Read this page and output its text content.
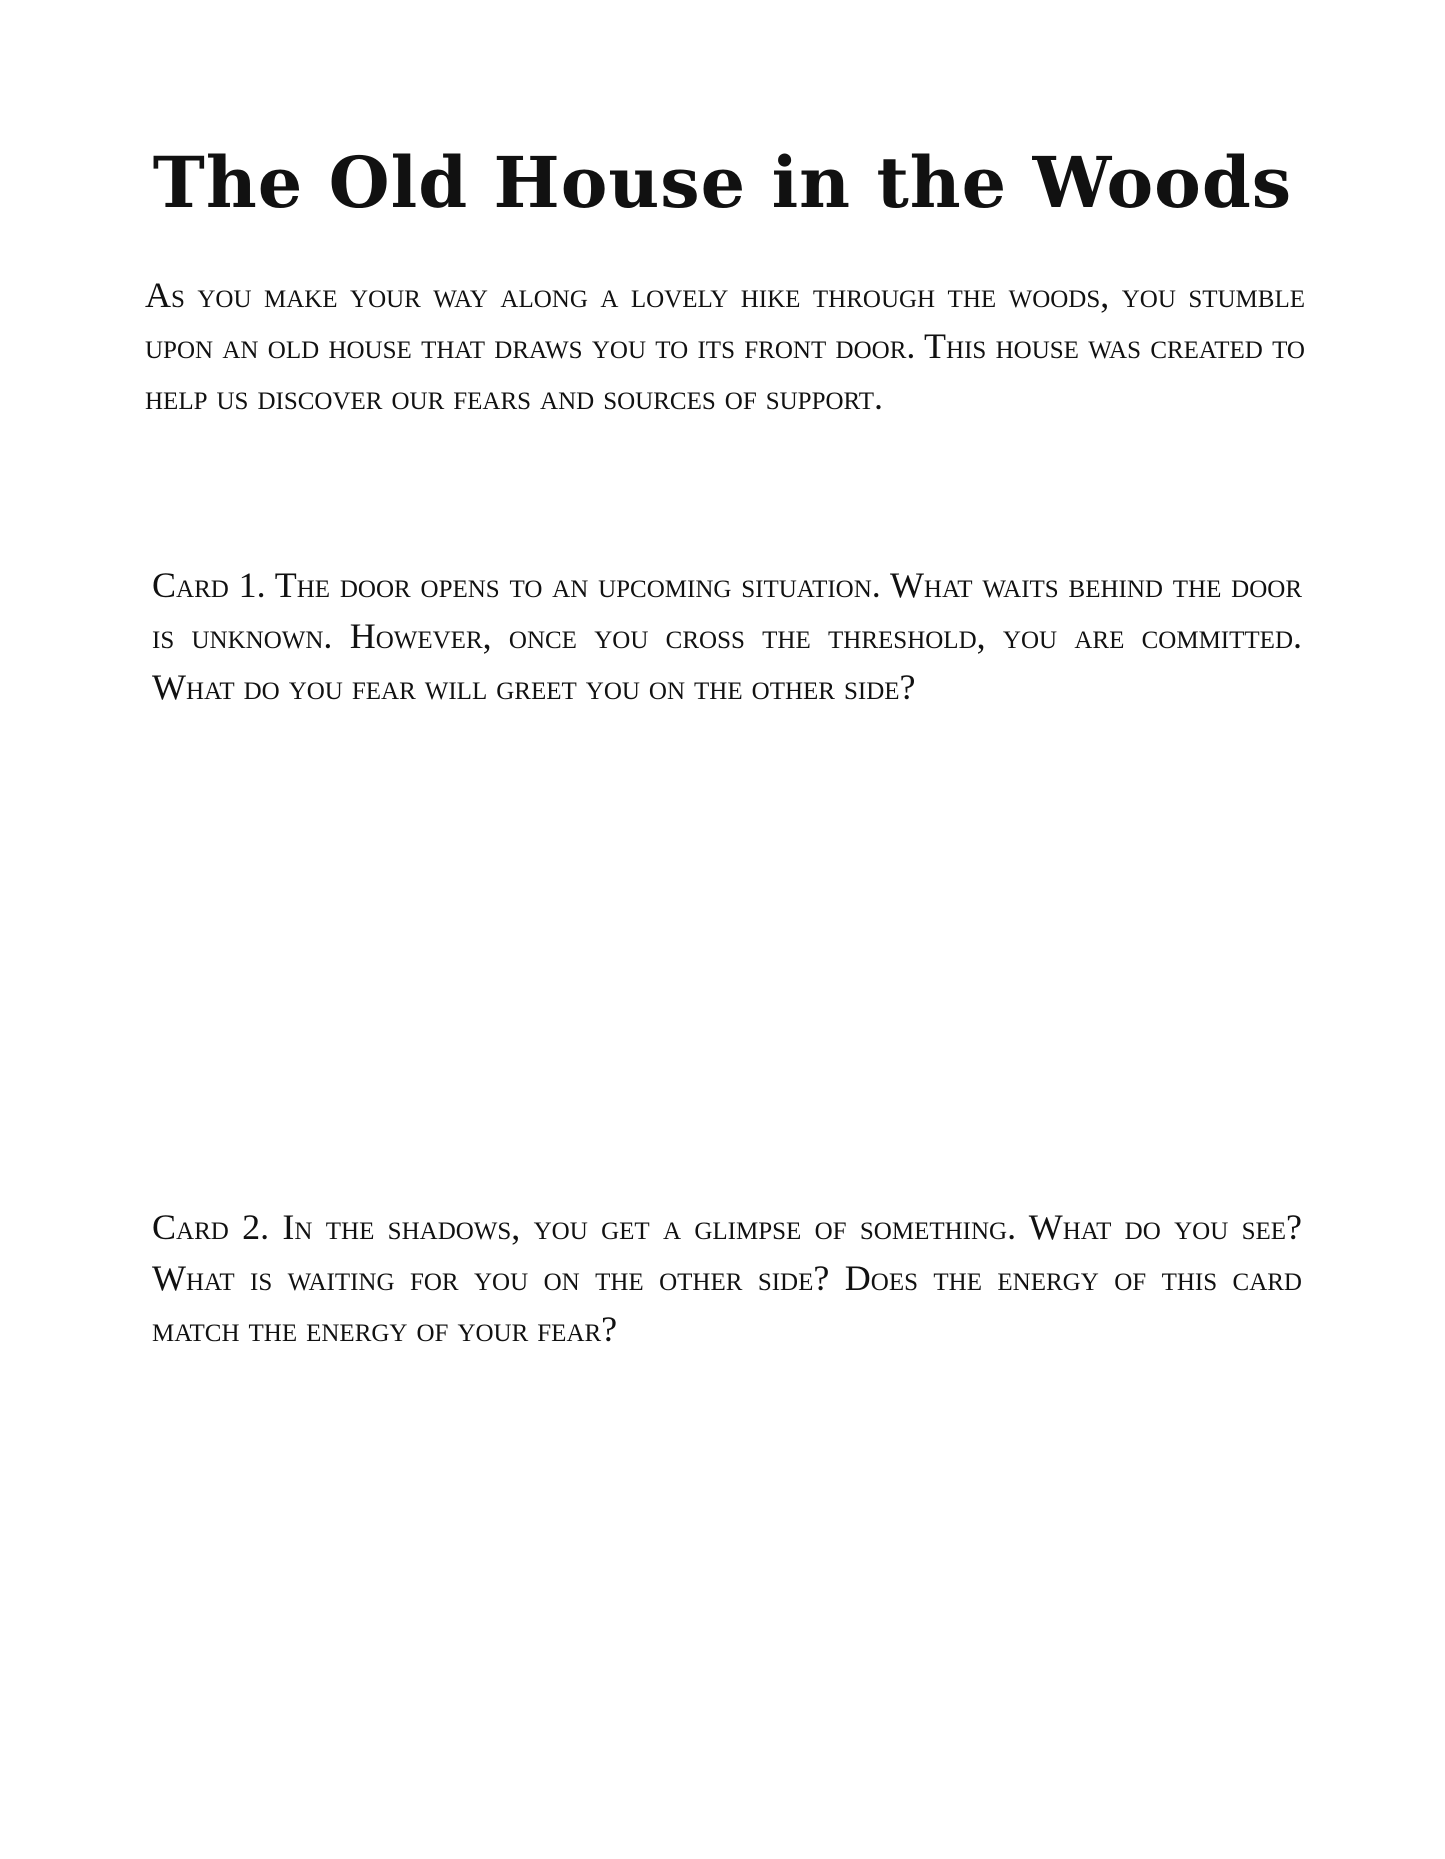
The Old House in the Woods

As you make your way along a lovely hike through the woods, you stumble upon an old house that draws you to its front door. This house was created to help us discover our fears and sources of support.

Card 1. The door opens to an upcoming situation. What waits behind the door is unknown. However, once you cross the threshold, you are committed. What do you fear will greet you on the other side?

Card 2. In the shadows, you get a glimpse of something. What do you see? What is waiting for you on the other side? Does the energy of this card match the energy of your fear?
